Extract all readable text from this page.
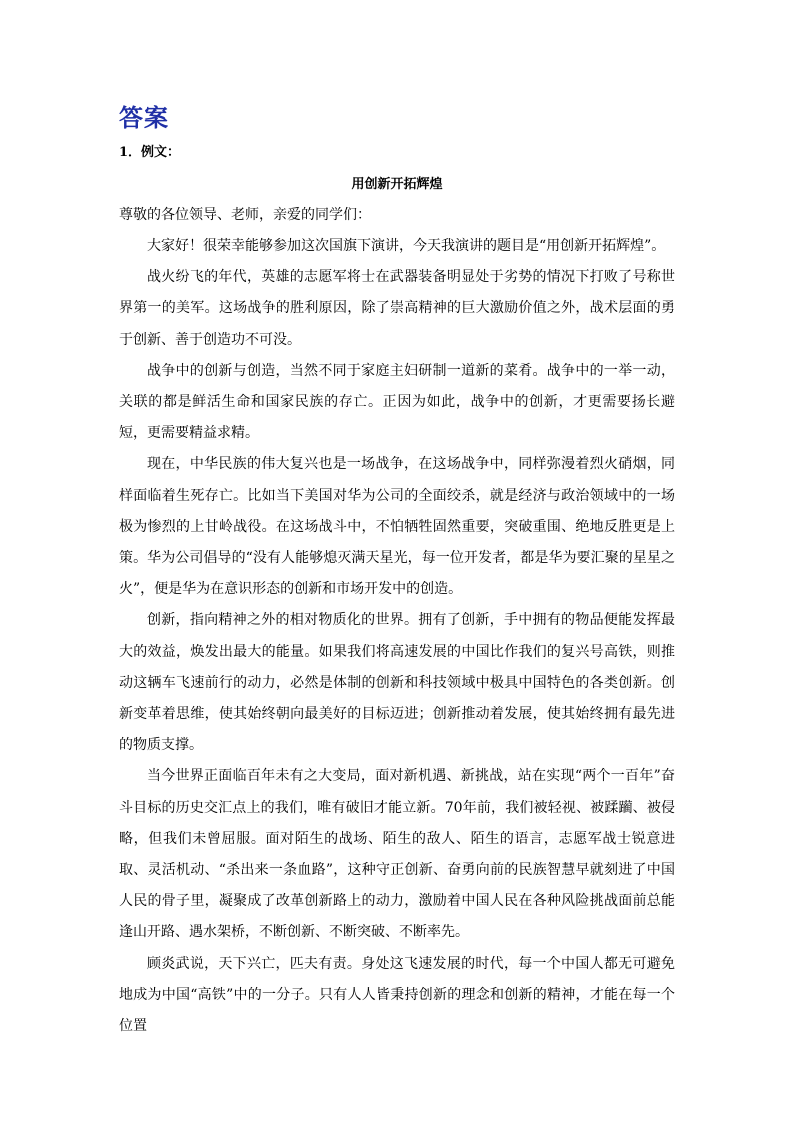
答案
1．例文：
用创新开拓辉煌
尊敬的各位领导、老师，亲爱的同学们：

大家好！很荣幸能够参加这次国旗下演讲，今天我演讲的题目是“用创新开拓辉煌”。

战火纷飞的年代，英雄的志愿军将士在武器装备明显处于劣势的情况下打败了号称世界第一的美军。这场战争的胜利原因，除了崇高精神的巨大激励价值之外，战术层面的勇于创新、善于创造功不可没。

战争中的创新与创造，当然不同于家庭主妇研制一道新的菜肴。战争中的一举一动，关联的都是鲜活生命和国家民族的存亡。正因为如此，战争中的创新，才更需要扬长避短，更需要精益求精。

现在，中华民族的伟大复兴也是一场战争，在这场战争中，同样弥漫着烈火硝烟，同样面临着生死存亡。比如当下美国对华为公司的全面绞杀，就是经济与政治领域中的一场极为惨烈的上甘岭战役。在这场战斗中，不怕牺牲固然重要，突破重围、绝地反胜更是上策。华为公司倡导的“没有人能够熄灭满天星光，每一位开发者，都是华为要汇聚的星星之火”，便是华为在意识形态的创新和市场开发中的创造。

创新，指向精神之外的相对物质化的世界。拥有了创新，手中拥有的物品便能发挥最大的效益，焕发出最大的能量。如果我们将高速发展的中国比作我们的复兴号高铁，则推动这辆车飞速前行的动力，必然是体制的创新和科技领域中极具中国特色的各类创新。创新变革着思维，使其始终朝向最美好的目标迈进；创新推动着发展，使其始终拥有最先进的物质支撑。

当今世界正面临百年未有之大变局，面对新机遇、新挑战，站在实现“两个一百年”奋斗目标的历史交汇点上的我们，唯有破旧才能立新。70年前，我们被轻视、被蹂躏、被侵略，但我们未曾屈服。面对陌生的战场、陌生的敌人、陌生的语言，志愿军战士锐意进取、灵活机动、“杀出来一条血路”，这种守正创新、奋勇向前的民族智慧早就刻进了中国人民的骨子里，凝聚成了改革创新路上的动力，激励着中国人民在各种风险挑战面前总能逢山开路、遇水架桥，不断创新、不断突破、不断率先。

顾炎武说，天下兴亡，匹夫有责。身处这飞速发展的时代，每一个中国人都无可避免地成为中国“高铁”中的一分子。只有人人皆秉持创新的理念和创新的精神，才能在每一个位置
